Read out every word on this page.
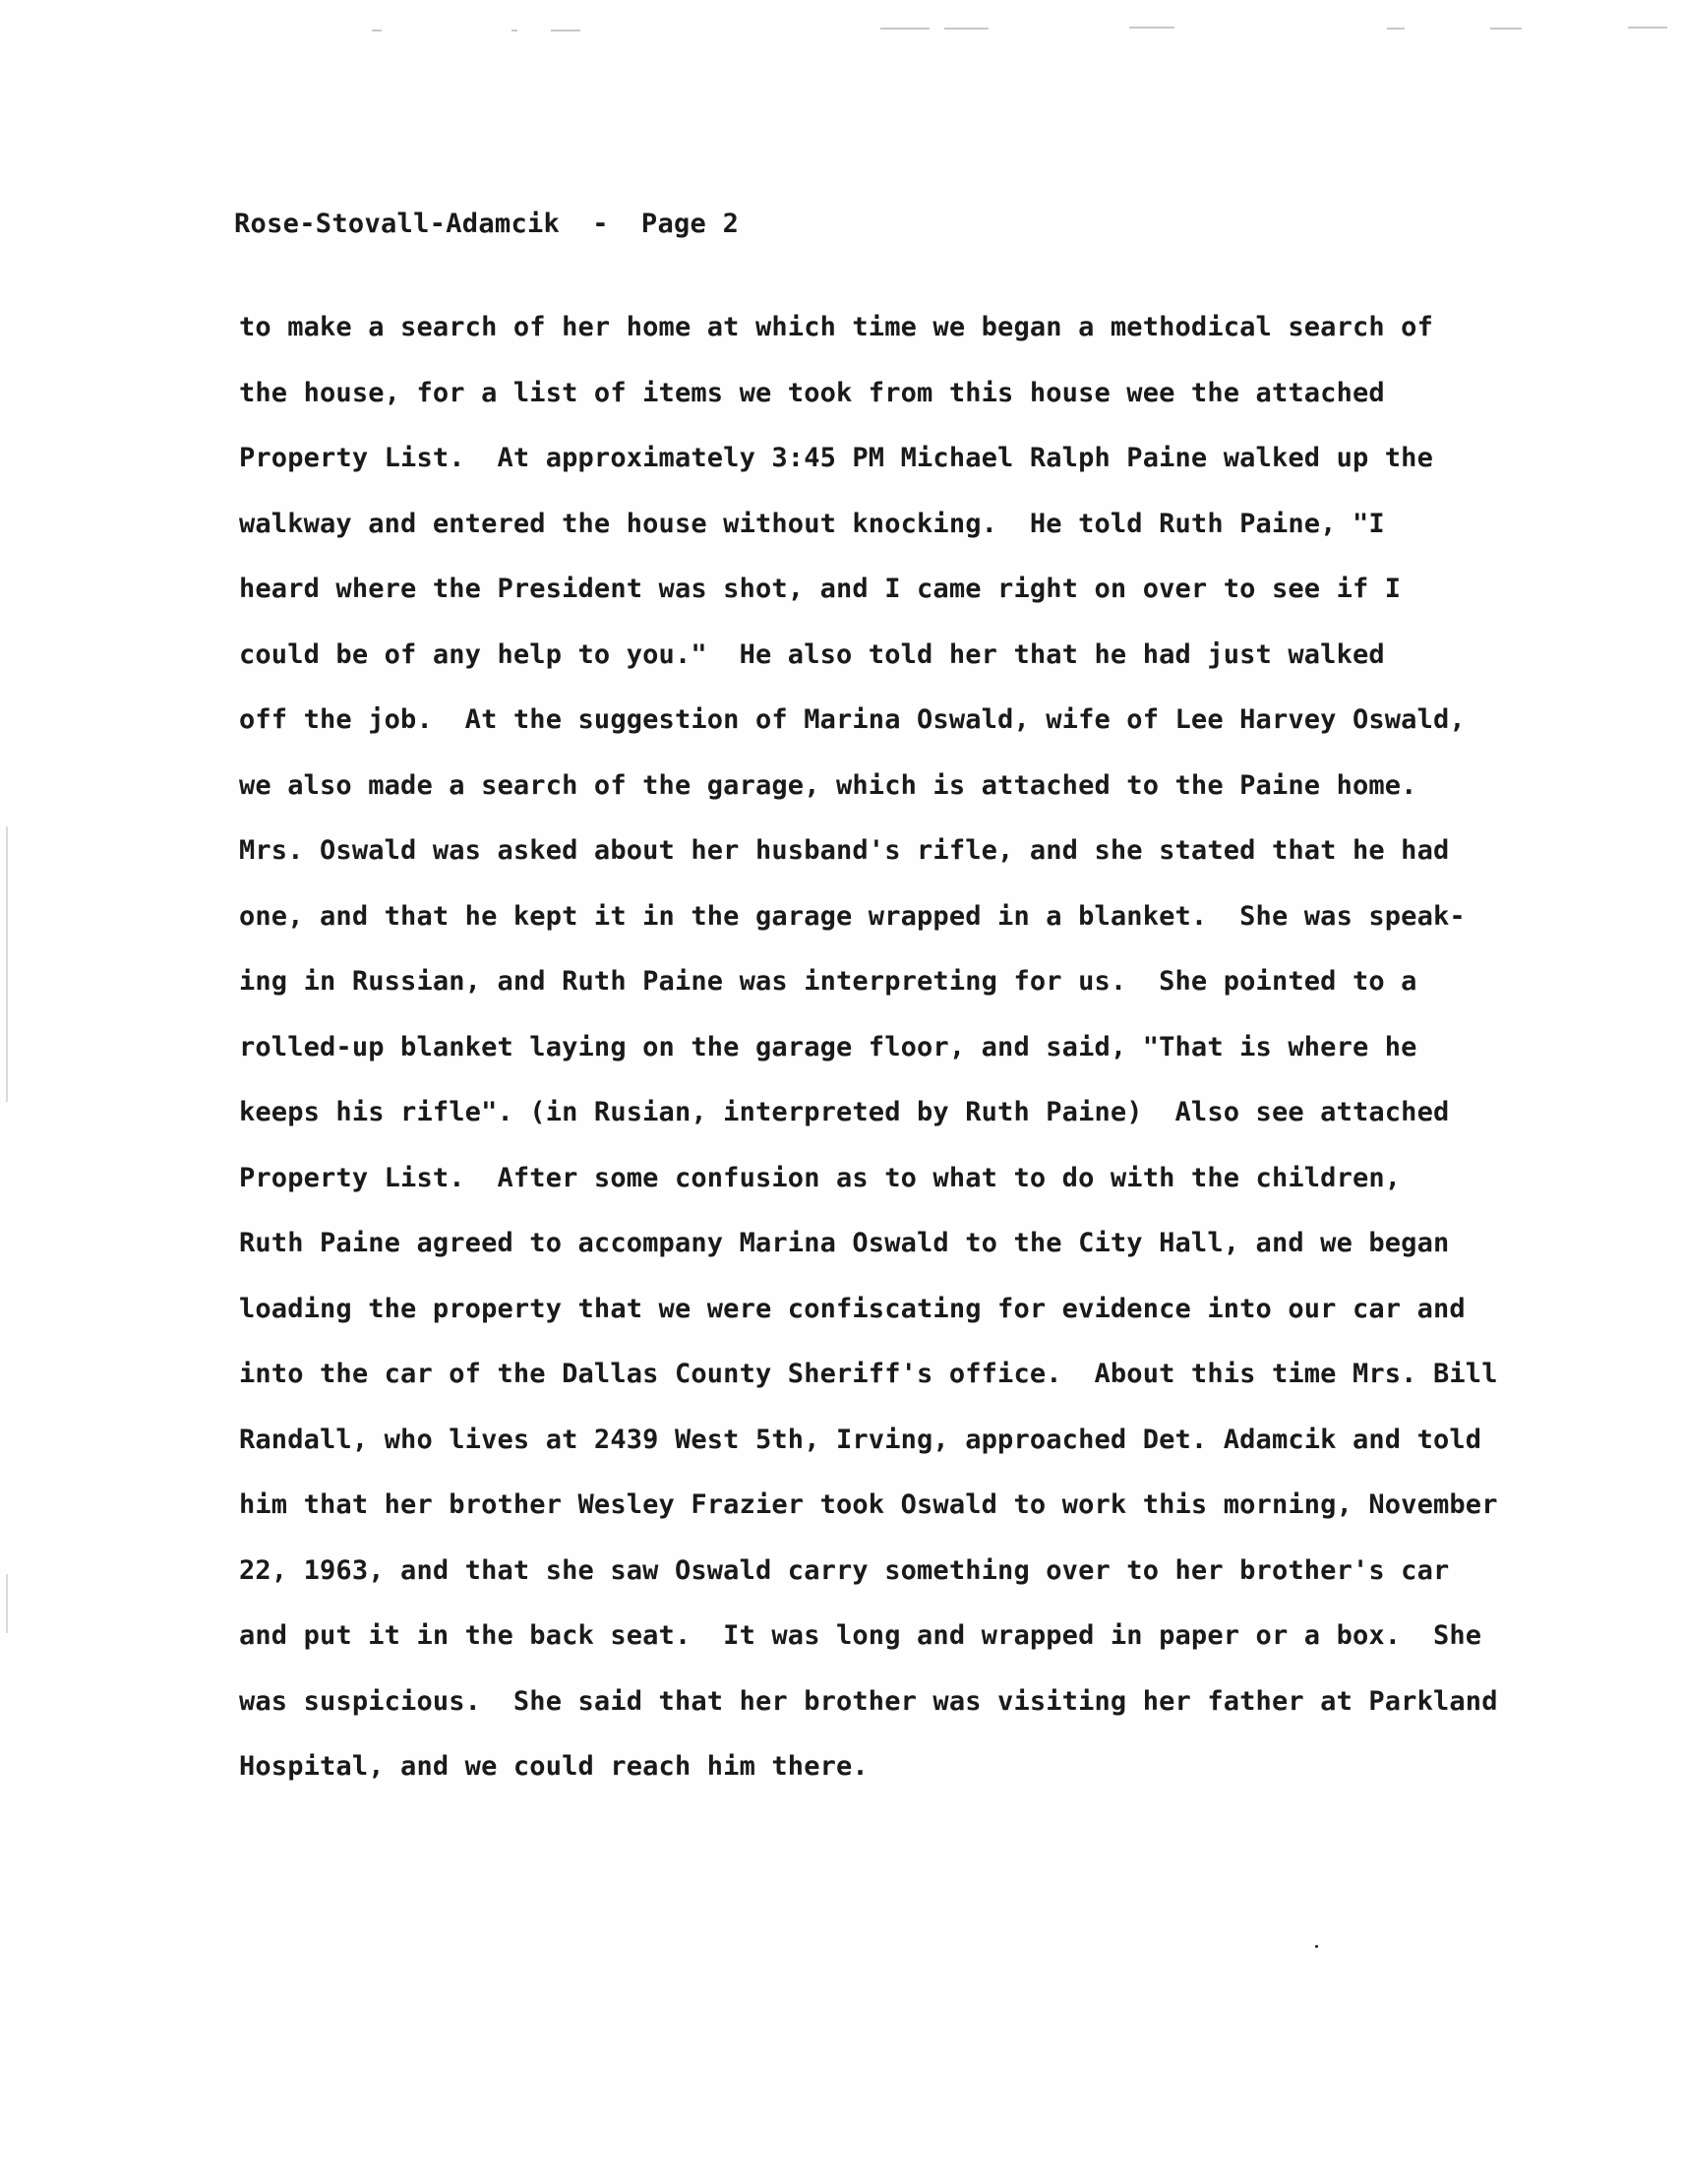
Rose-Stovall-Adamcik  -  Page 2
to make a search of her home at which time we began a methodical search of
the house, for a list of items we took from this house wee the attached
Property List.  At approximately 3:45 PM Michael Ralph Paine walked up the
walkway and entered the house without knocking.  He told Ruth Paine, "I
heard where the President was shot, and I came right on over to see if I
could be of any help to you."  He also told her that he had just walked
off the job.  At the suggestion of Marina Oswald, wife of Lee Harvey Oswald,
we also made a search of the garage, which is attached to the Paine home.
Mrs. Oswald was asked about her husband's rifle, and she stated that he had
one, and that he kept it in the garage wrapped in a blanket.  She was speak-
ing in Russian, and Ruth Paine was interpreting for us.  She pointed to a
rolled-up blanket laying on the garage floor, and said, "That is where he
keeps his rifle". (in Rusian, interpreted by Ruth Paine)  Also see attached
Property List.  After some confusion as to what to do with the children,
Ruth Paine agreed to accompany Marina Oswald to the City Hall, and we began
loading the property that we were confiscating for evidence into our car and
into the car of the Dallas County Sheriff's office.  About this time Mrs. Bill
Randall, who lives at 2439 West 5th, Irving, approached Det. Adamcik and told
him that her brother Wesley Frazier took Oswald to work this morning, November
22, 1963, and that she saw Oswald carry something over to her brother's car
and put it in the back seat.  It was long and wrapped in paper or a box.  She
was suspicious.  She said that her brother was visiting her father at Parkland
Hospital, and we could reach him there.
